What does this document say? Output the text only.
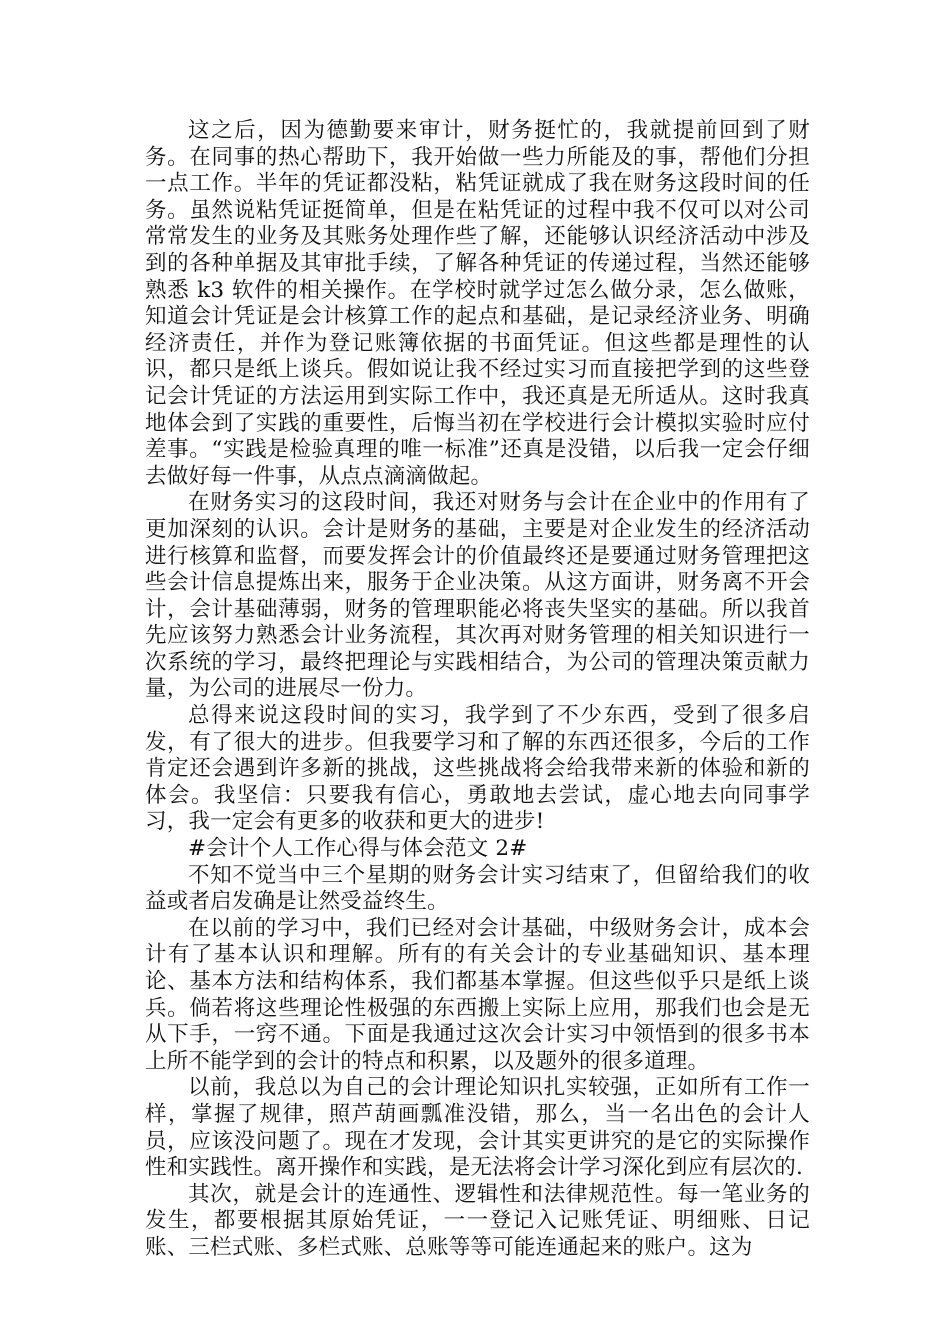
这之后，因为德勤要来审计，财务挺忙的，我就提前回到了财务。在同事的热心帮助下，我开始做一些力所能及的事，帮他们分担一点工作。半年的凭证都没粘，粘凭证就成了我在财务这段时间的任务。虽然说粘凭证挺简单，但是在粘凭证的过程中我不仅可以对公司常常发生的业务及其账务处理作些了解，还能够认识经济活动中涉及到的各种单据及其审批手续，了解各种凭证的传递过程，当然还能够熟悉 k3 软件的相关操作。在学校时就学过怎么做分录，怎么做账，知道会计凭证是会计核算工作的起点和基础，是记录经济业务、明确经济责任，并作为登记账簿依据的书面凭证。但这些都是理性的认识，都只是纸上谈兵。假如说让我不经过实习而直接把学到的这些登记会计凭证的方法运用到实际工作中，我还真是无所适从。这时我真地体会到了实践的重要性，后悔当初在学校进行会计模拟实验时应付差事。“实践是检验真理的唯一标准”还真是没错，以后我一定会仔细去做好每一件事，从点点滴滴做起。

在财务实习的这段时间，我还对财务与会计在企业中的作用有了更加深刻的认识。会计是财务的基础，主要是对企业发生的经济活动进行核算和监督，而要发挥会计的价值最终还是要通过财务管理把这些会计信息提炼出来，服务于企业决策。从这方面讲，财务离不开会计，会计基础薄弱，财务的管理职能必将丧失坚实的基础。所以我首先应该努力熟悉会计业务流程，其次再对财务管理的相关知识进行一次系统的学习，最终把理论与实践相结合，为公司的管理决策贡献力量，为公司的进展尽一份力。

总得来说这段时间的实习，我学到了不少东西，受到了很多启发，有了很大的进步。但我要学习和了解的东西还很多，今后的工作肯定还会遇到许多新的挑战，这些挑战将会给我带来新的体验和新的体会。我坚信：只要我有信心，勇敢地去尝试，虚心地去向同事学习，我一定会有更多的收获和更大的进步!

#会计个人工作心得与体会范文 2#

不知不觉当中三个星期的财务会计实习结束了，但留给我们的收益或者启发确是让然受益终生。

在以前的学习中，我们已经对会计基础，中级财务会计，成本会计有了基本认识和理解。所有的有关会计的专业基础知识、基本理论、基本方法和结构体系，我们都基本掌握。但这些似乎只是纸上谈兵。倘若将这些理论性极强的东西搬上实际上应用，那我们也会是无从下手，一窍不通。下面是我通过这次会计实习中领悟到的很多书本上所不能学到的会计的特点和积累，以及题外的很多道理。

以前，我总以为自己的会计理论知识扎实较强，正如所有工作一样，掌握了规律，照芦葫画瓢准没错，那么，当一名出色的会计人员，应该没问题了。现在才发现，会计其实更讲究的是它的实际操作性和实践性。离开操作和实践，是无法将会计学习深化到应有层次的.

其次，就是会计的连通性、逻辑性和法律规范性。每一笔业务的发生，都要根据其原始凭证，一一登记入记账凭证、明细账、日记账、三栏式账、多栏式账、总账等等可能连通起来的账户。这为
